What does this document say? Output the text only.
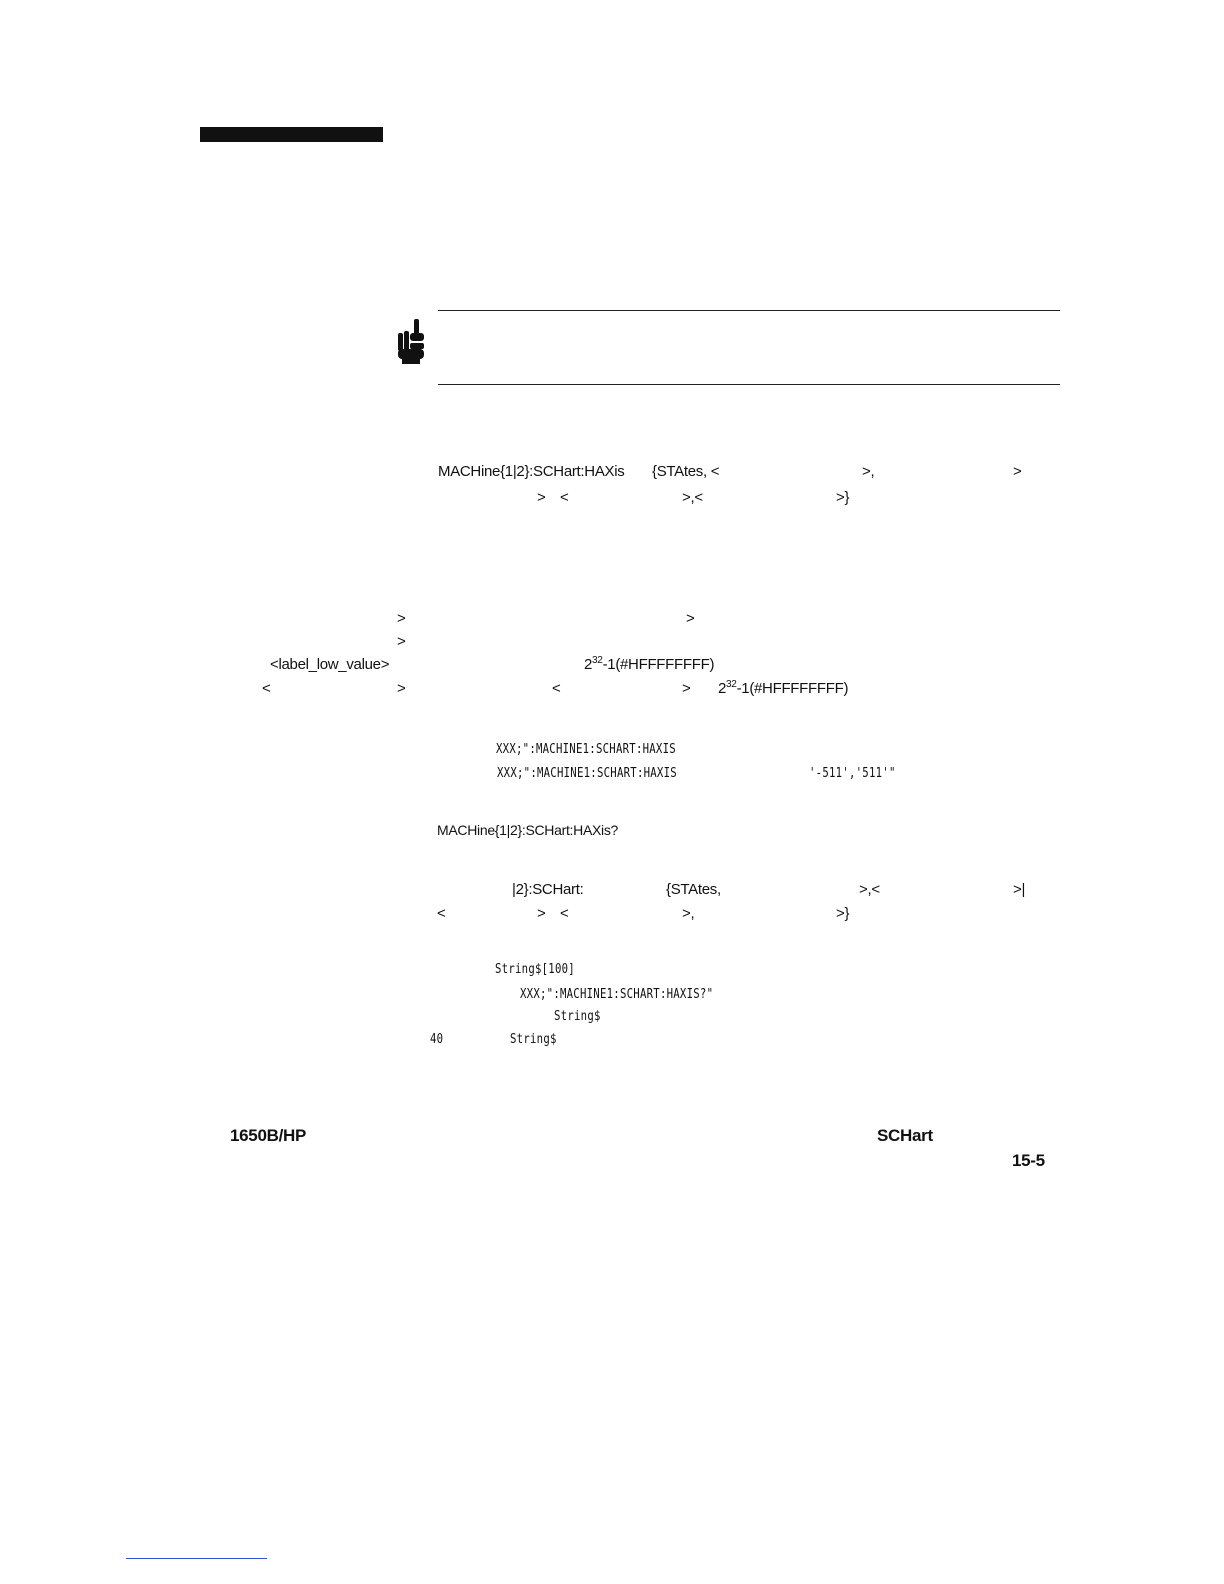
MACHine{1|2}:SCHart:HAXis {STAtes, <	>,	>
> <	>,<	>}
>	>
>
<label_low_value>	$2^{32}-1(\#HFFFFFFFF)$
<	>	<	> $2^{32}-1(\#HFFFFFFFF)$
XXX;":MACHINE1:SCHART:HAXIS
XXX;":MACHINE1:SCHART:HAXIS	'-511','511'"
MACHine{1|2}:SCHart:HAXis?
|2}:SCHart:	{STAtes,	>,<	>|
<	> <	>,	>}
String$[100]
XXX;":MACHINE1:SCHART:HAXIS?"
String$
40	String$
1650B/HP	SCHart
15-5
